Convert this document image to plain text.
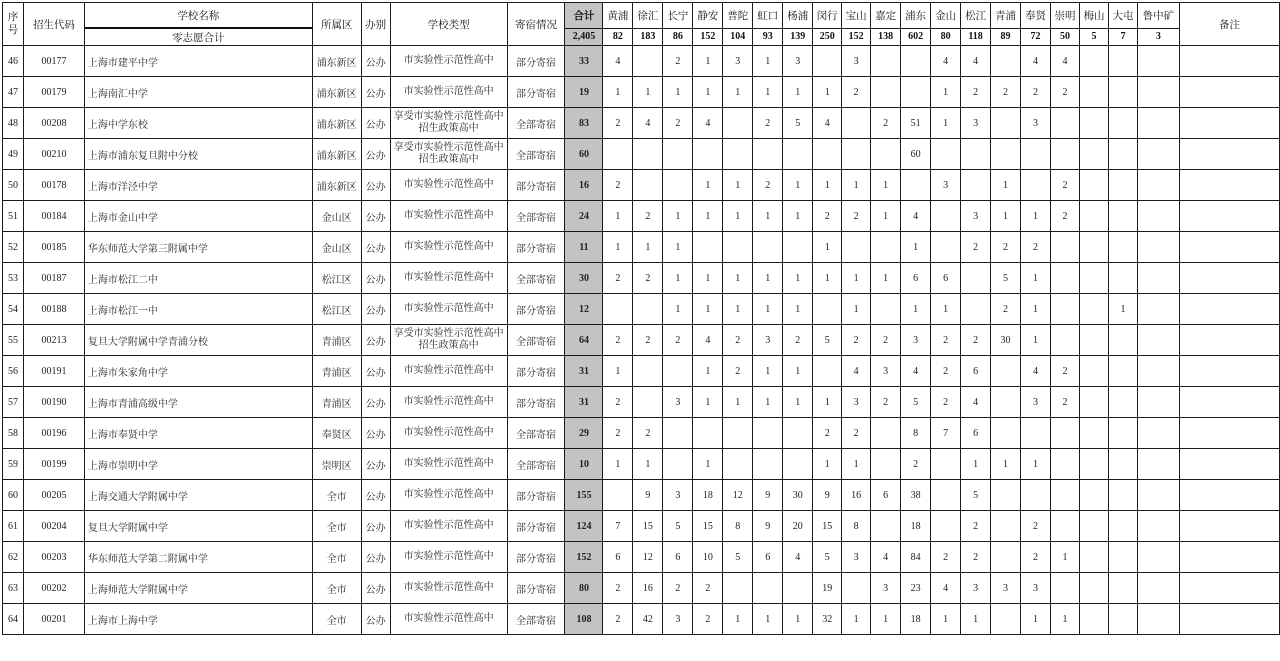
序号	招生代码	学校名称	所属区	办别	学校类型	寄宿情况	合计	黄浦	徐汇	长宁	静安	普陀	虹口	杨浦	闵行	宝山	嘉定	浦东	金山	松江	青浦	奉贤	崇明	梅山	大屯	鲁中矿	备注
		零志愿合计					2,405	82	183	86	152	104	93	139	250	152	138	602	80	118	89	72	50	5	7	3	
46	00177	上海市建平中学	浦东新区	公办	市实验性示范性高中	部分寄宿	33	4		2	1	3	1	3		3			4	4		4	4				
47	00179	上海南汇中学	浦东新区	公办	市实验性示范性高中	部分寄宿	19	1	1	1	1	1	1	1	1	2			1	2	2	2	2				
48	00208	上海中学东校	浦东新区	公办	享受市实验性示范性高中招生政策高中	全部寄宿	83	2	4	2	4		2	5	4		2	51	1	3		3					
49	00210	上海市浦东复旦附中分校	浦东新区	公办	享受市实验性示范性高中招生政策高中	全部寄宿	60											60									
50	00178	上海市洋泾中学	浦东新区	公办	市实验性示范性高中	部分寄宿	16	2			1	1	2	1	1	1	1		3		1		2				
51	00184	上海市金山中学	金山区	公办	市实验性示范性高中	全部寄宿	24	1	2	1	1	1	1	1	2	2	1	4		3	1	1	2				
52	00185	华东师范大学第三附属中学	金山区	公办	市实验性示范性高中	部分寄宿	11	1	1	1					1			1		2	2	2					
53	00187	上海市松江二中	松江区	公办	市实验性示范性高中	全部寄宿	30	2	2	1	1	1	1	1	1	1	1	6	6		5	1					
54	00188	上海市松江一中	松江区	公办	市实验性示范性高中	部分寄宿	12			1	1	1	1	1		1		1	1		2	1			1		
55	00213	复旦大学附属中学青浦分校	青浦区	公办	享受市实验性示范性高中招生政策高中	全部寄宿	64	2	2	2	4	2	3	2	5	2	2	3	2	2	30	1					
56	00191	上海市朱家角中学	青浦区	公办	市实验性示范性高中	部分寄宿	31	1			1	2	1	1		4	3	4	2	6		4	2				
57	00190	上海市青浦高级中学	青浦区	公办	市实验性示范性高中	部分寄宿	31	2		3	1	1	1	1	1	3	2	5	2	4		3	2				
58	00196	上海市奉贤中学	奉贤区	公办	市实验性示范性高中	全部寄宿	29	2	2						2	2		8	7	6							
59	00199	上海市崇明中学	崇明区	公办	市实验性示范性高中	全部寄宿	10	1	1		1				1	1		2		1	1	1					
60	00205	上海交通大学附属中学	全市	公办	市实验性示范性高中	部分寄宿	155		9	3	18	12	9	30	9	16	6	38		5							
61	00204	复旦大学附属中学	全市	公办	市实验性示范性高中	部分寄宿	124	7	15	5	15	8	9	20	15	8		18		2		2					
62	00203	华东师范大学第二附属中学	全市	公办	市实验性示范性高中	部分寄宿	152	6	12	6	10	5	6	4	5	3	4	84	2	2		2	1				
63	00202	上海师范大学附属中学	全市	公办	市实验性示范性高中	部分寄宿	80	2	16	2	2				19		3	23	4	3	3	3					
64	00201	上海市上海中学	全市	公办	市实验性示范性高中	全部寄宿	108	2	42	3	2	1	1	1	32	1	1	18	1	1		1	1				
